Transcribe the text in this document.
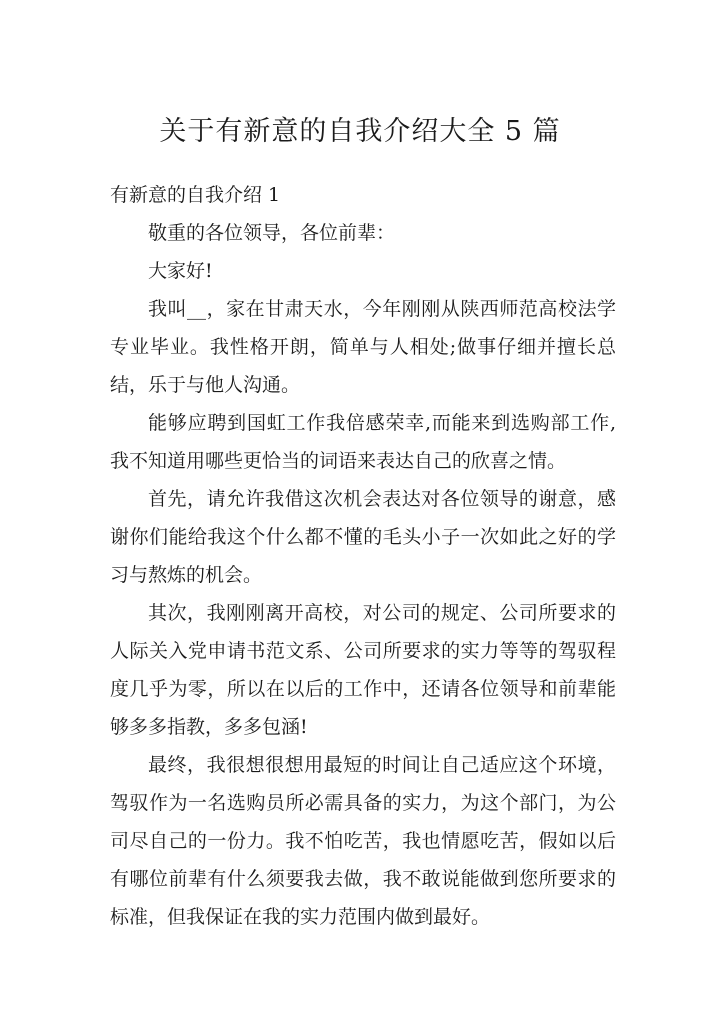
关于有新意的自我介绍大全 5 篇

有新意的自我介绍 1

敬重的各位领导，各位前辈：

大家好!

我叫__，家在甘肃天水，今年刚刚从陕西师范高校法学专业毕业。我性格开朗，简单与人相处;做事仔细并擅长总结，乐于与他人沟通。

能够应聘到国虹工作我倍感荣幸,而能来到选购部工作,我不知道用哪些更恰当的词语来表达自己的欣喜之情。

首先，请允许我借这次机会表达对各位领导的谢意，感谢你们能给我这个什么都不懂的毛头小子一次如此之好的学习与熬炼的机会。

其次，我刚刚离开高校，对公司的规定、公司所要求的人际关入党申请书范文系、公司所要求的实力等等的驾驭程度几乎为零，所以在以后的工作中，还请各位领导和前辈能够多多指教，多多包涵!

最终，我很想很想用最短的时间让自己适应这个环境，驾驭作为一名选购员所必需具备的实力，为这个部门，为公司尽自己的一份力。我不怕吃苦，我也情愿吃苦，假如以后有哪位前辈有什么须要我去做，我不敢说能做到您所要求的标准，但我保证在我的实力范围内做到最好。
